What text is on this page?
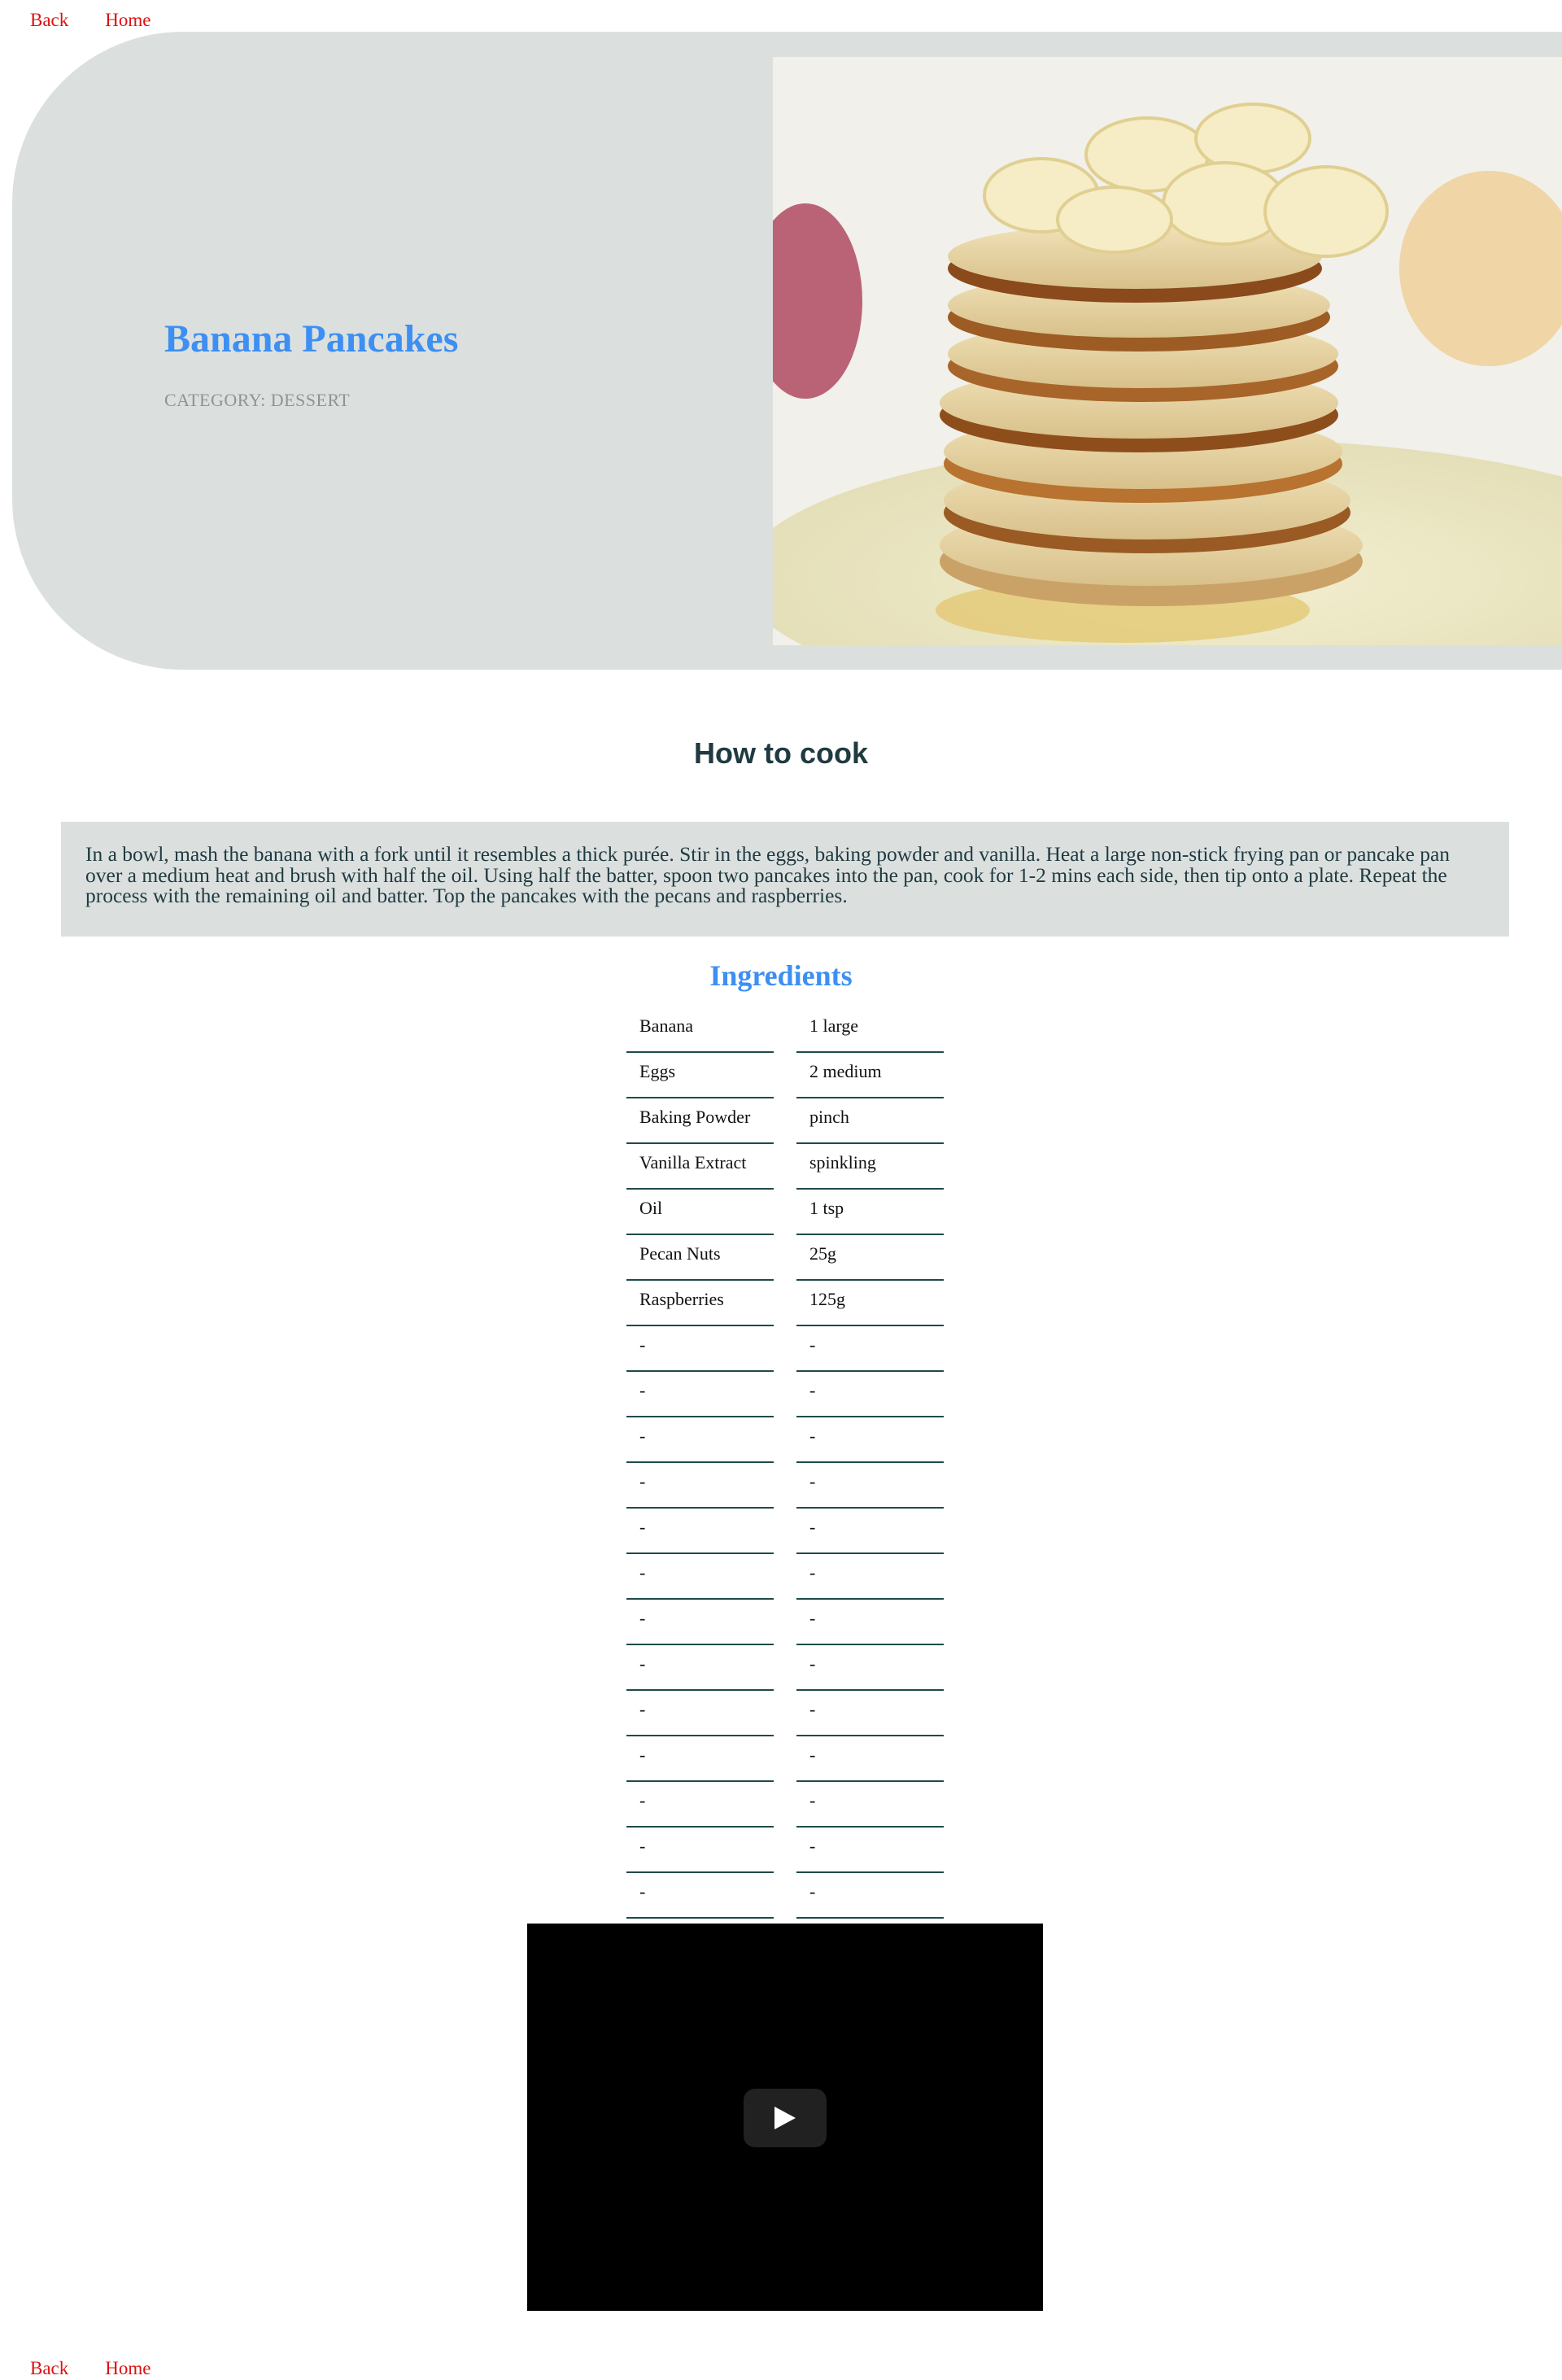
Back Home
Banana Pancakes
CATEGORY: DESSERT
How to cook

In a bowl, mash the banana with a fork until it resembles a thick purée. Stir in the eggs, baking powder and vanilla. Heat a large non-stick frying pan or pancake pan over a medium heat and brush with half the oil. Using half the batter, spoon two pancakes into the pan, cook for 1-2 mins each side, then tip onto a plate. Repeat the process with the remaining oil and batter. Top the pancakes with the pecans and raspberries.

Ingredients
Banana	1 large
Eggs	2 medium
Baking Powder	pinch
Vanilla Extract	spinkling
Oil	1 tsp
Pecan Nuts	25g
Raspberries	125g
-	-
-	-
-	-
-	-
-	-
-	-
-	-
-	-
-	-
-	-
-	-
-	-
-	-
Back Home
